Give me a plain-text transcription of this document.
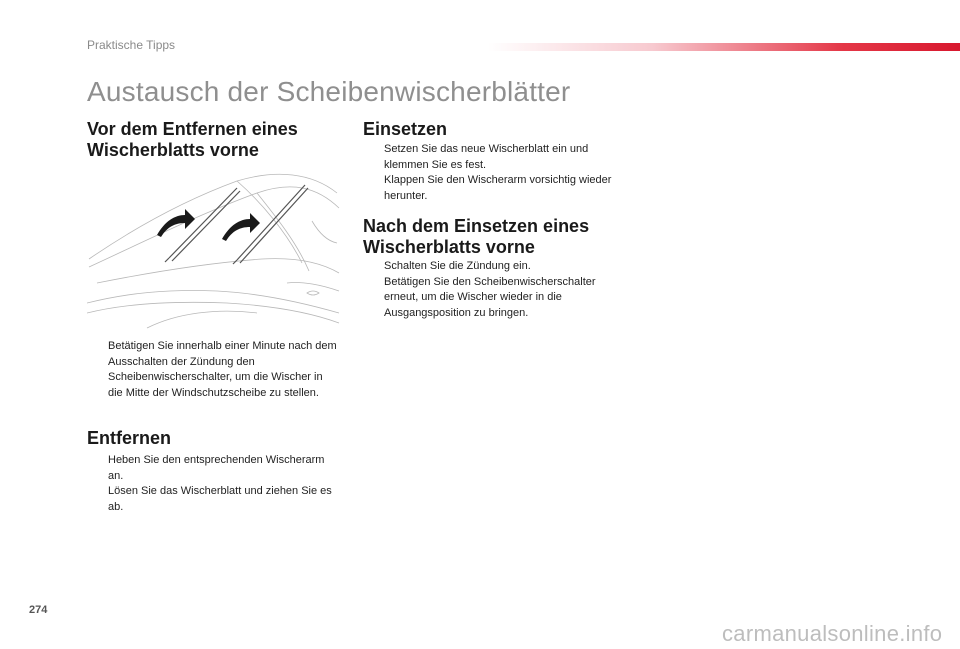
Praktische Tipps
Austausch der Scheibenwischerblätter
Vor dem Entfernen eines
Wischerblatts vorne
Betätigen Sie innerhalb einer Minute nach dem Ausschalten der Zündung den Scheibenwischerschalter, um die Wischer in die Mitte der Windschutzscheibe zu stellen.
Entfernen
Heben Sie den entsprechenden Wischerarm an.
Lösen Sie das Wischerblatt und ziehen Sie es ab.
Einsetzen
Setzen Sie das neue Wischerblatt ein und klemmen Sie es fest.
Klappen Sie den Wischerarm vorsichtig wieder herunter.
Nach dem Einsetzen eines
Wischerblatts vorne
Schalten Sie die Zündung ein.
Betätigen Sie den Scheibenwischerschalter erneut, um die Wischer wieder in die Ausgangsposition zu bringen.
274
carmanualsonline.info
